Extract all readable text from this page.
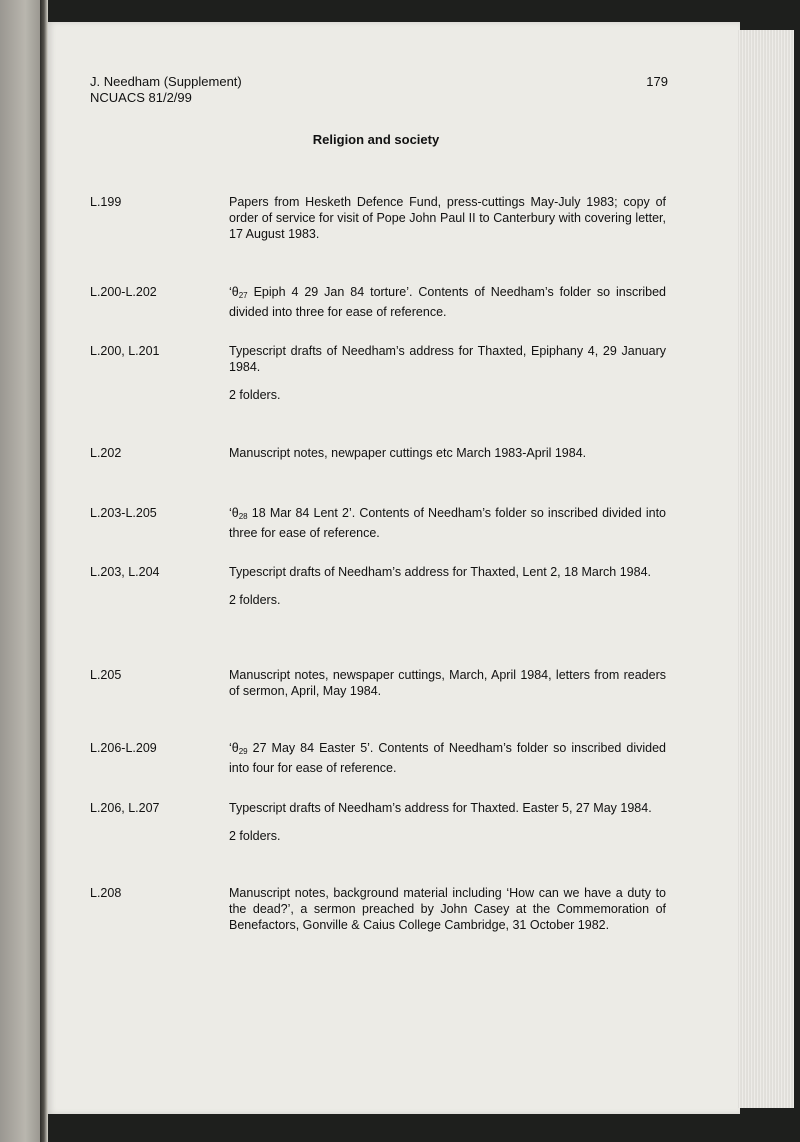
J. Needham (Supplement)
NCUACS 81/2/99
179
Religion and society
L.199	Papers from Hesketh Defence Fund, press-cuttings May-July 1983; copy of order of service for visit of Pope John Paul II to Canterbury with covering letter, 17 August 1983.
L.200-L.202	‘$\theta_{27}$ Epiph 4 29 Jan 84 torture’. Contents of Needham’s folder so inscribed divided into three for ease of reference.
L.200, L.201	Typescript drafts of Needham’s address for Thaxted, Epiphany 4, 29 January 1984.
2 folders.
L.202	Manuscript notes, newpaper cuttings etc March 1983-April 1984.
L.203-L.205	‘$\theta_{28}$ 18 Mar 84 Lent 2’. Contents of Needham’s folder so inscribed divided into three for ease of reference.
L.203, L.204	Typescript drafts of Needham’s address for Thaxted, Lent 2, 18 March 1984.
2 folders.
L.205	Manuscript notes, newspaper cuttings, March, April 1984, letters from readers of sermon, April, May 1984.
L.206-L.209	‘$\theta_{29}$ 27 May 84 Easter 5’. Contents of Needham’s folder so inscribed divided into four for ease of reference.
L.206, L.207	Typescript drafts of Needham’s address for Thaxted. Easter 5, 27 May 1984.
2 folders.
L.208	Manuscript notes, background material including ‘How can we have a duty to the dead?’, a sermon preached by John Casey at the Commemoration of Benefactors, Gonville & Caius College Cambridge, 31 October 1982.
